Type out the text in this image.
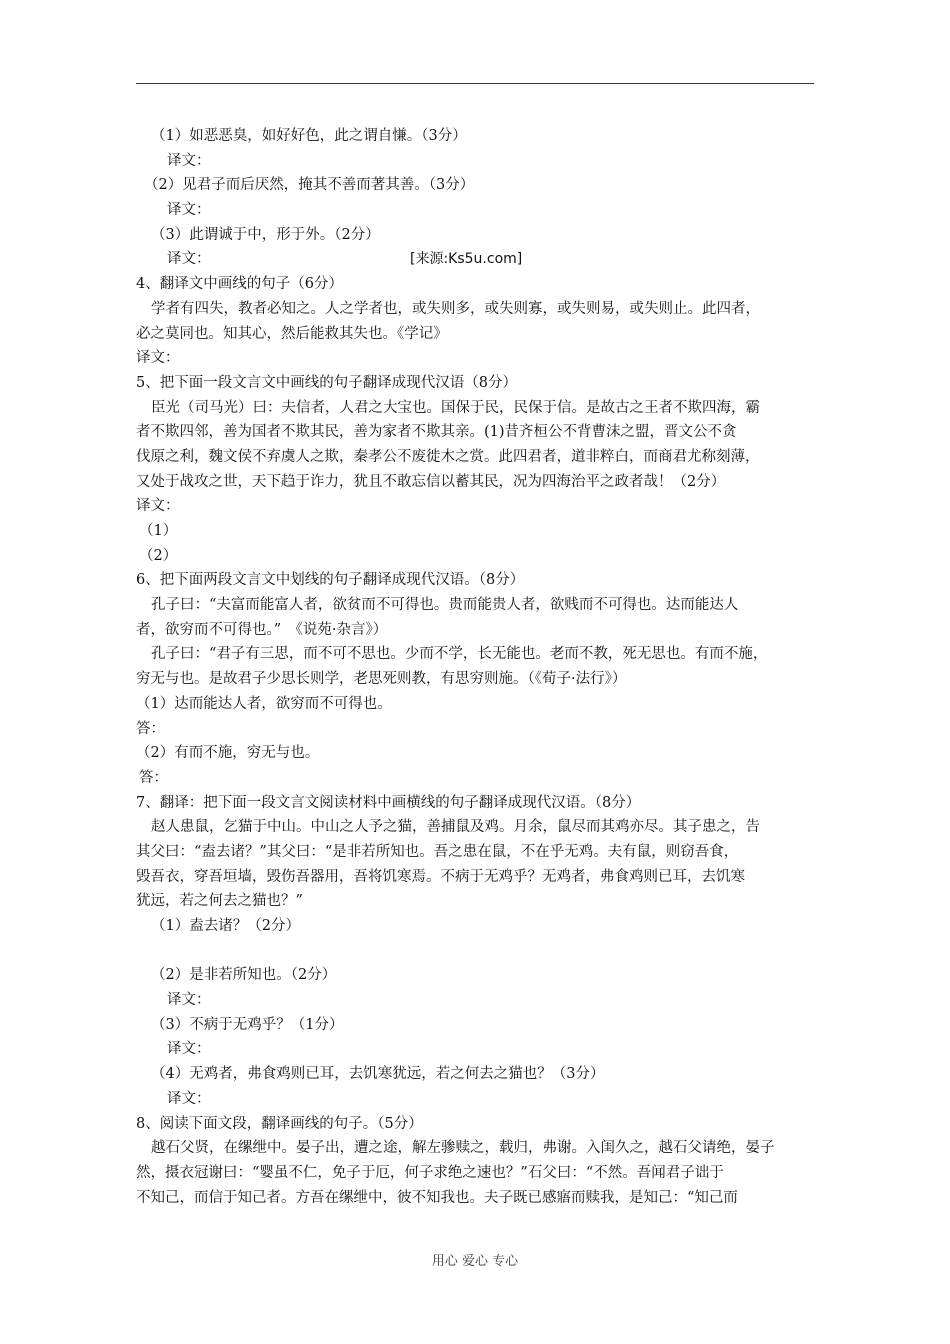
（1）如恶恶臭，如好好色，此之谓自慊。（3分）
译文：
（2）见君子而后厌然，掩其不善而著其善。（3分）
译文：
（3）此谓诚于中，形于外。（2分）
译文：	[来源:Ks5u.com]
4、翻译文中画线的句子（6分）
学者有四失，教者必知之。人之学者也，或失则多，或失则寡，或失则易，或失则止。此四者，
必之莫同也。知其心，然后能救其失也。《学记》
译文：
5、把下面一段文言文中画线的句子翻译成现代汉语（8分）
臣光（司马光）曰：夫信者，人君之大宝也。国保于民，民保于信。是故古之王者不欺四海，霸
者不欺四邻，善为国者不欺其民，善为家者不欺其亲。(1)昔齐桓公不背曹沫之盟，晋文公不贪
伐原之利，魏文侯不弃虞人之欺，秦孝公不废徙木之赏。此四君者，道非粹白，而商君尤称刻薄，
又处于战攻之世，天下趋于诈力，犹且不敢忘信以蓄其民，况为四海治平之政者哉！（2分）
译文：
（1）
（2）
6、把下面两段文言文中划线的句子翻译成现代汉语。（8分）
孔子曰：“夫富而能富人者，欲贫而不可得也。贵而能贵人者，欲贱而不可得也。达而能达人
者，欲穷而不可得也。”　《说苑·杂言》）
孔子曰：“君子有三思，而不可不思也。少而不学，长无能也。老而不教，死无思也。有而不施，
穷无与也。是故君子少思长则学，老思死则教，有思穷则施。（《荀子·法行》）
（1）达而能达人者，欲穷而不可得也。
答：
（2）有而不施，穷无与也。
答：
7、翻译：把下面一段文言文阅读材料中画横线的句子翻译成现代汉语。（8分）
赵人患鼠，乞猫于中山。中山之人予之猫，善捕鼠及鸡。月余，鼠尽而其鸡亦尽。其子患之，告
其父曰：“盍去诸？”其父曰：“是非若所知也。吾之患在鼠，不在乎无鸡。夫有鼠，则窃吾食，
毁吾衣，穿吾垣墙，毁伤吾器用，吾将饥寒焉。不病于无鸡乎？无鸡者，弗食鸡则已耳，去饥寒
犹远，若之何去之猫也？”
（1）盍去诸？（2分）
（2）是非若所知也。（2分）
译文：
（3）不病于无鸡乎？（1分）
译文：
（4）无鸡者，弗食鸡则已耳，去饥寒犹远，若之何去之猫也？（3分）
译文：
8、阅读下面文段，翻译画线的句子。（5分）
越石父贤，在缧绁中。晏子出，遭之途，解左骖赎之，载归，弗谢。入闺久之，越石父请绝，晏子
然，摄衣冠谢曰：“婴虽不仁，免子于厄，何子求绝之速也？”石父曰：“不然。吾闻君子诎于
不知己，而信于知己者。方吾在缧绁中，彼不知我也。夫子既已感寤而赎我，是知己：“知己而
用心 爱心 专心
